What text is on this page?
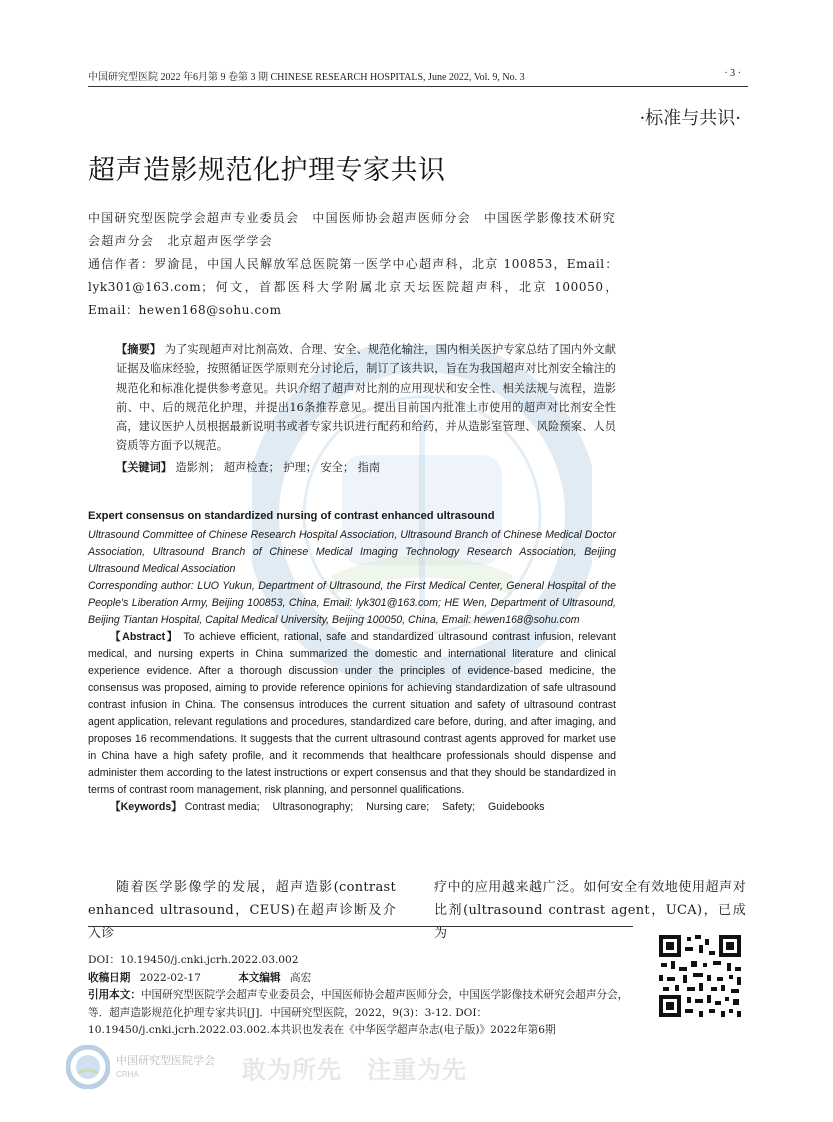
中国研究型医院 2022 年6月第 9 卷第 3 期 CHINESE RESEARCH HOSPITALS, June 2022, Vol. 9, No. 3	· 3 ·
·标准与共识·
超声造影规范化护理专家共识
中国研究型医院学会超声专业委员会　中国医师协会超声医师分会　中国医学影像技术研究会超声分会　北京超声医学学会
通信作者：罗渝昆，中国人民解放军总医院第一医学中心超声科，北京 100853，Email：lyk301@163.com；何文，首都医科大学附属北京天坛医院超声科，北京 100050，Email：hewen168@sohu.com
【摘要】 为了实现超声对比剂高效、合理、安全、规范化输注，国内相关医护专家总结了国内外文献证据及临床经验，按照循证医学原则充分讨论后，制订了该共识，旨在为我国超声对比剂安全输注的规范化和标准化提供参考意见。共识介绍了超声对比剂的应用现状和安全性、相关法规与流程，造影前、中、后的规范化护理，并提出16条推荐意见。提出目前国内批准上市使用的超声对比剂安全性高，建议医护人员根据最新说明书或者专家共识进行配药和给药，并从造影室管理、风险预案、人员资质等方面予以规范。
【关键词】 造影剂； 超声检查； 护理； 安全； 指南
Expert consensus on standardized nursing of contrast enhanced ultrasound
Ultrasound Committee of Chinese Research Hospital Association, Ultrasound Branch of Chinese Medical Doctor Association, Ultrasound Branch of Chinese Medical Imaging Technology Research Association, Beijing Ultrasound Medical Association
Corresponding author: LUO Yukun, Department of Ultrasound, the First Medical Center, General Hospital of the People's Liberation Army, Beijing 100853, China, Email: lyk301@163.com; HE Wen, Department of Ultrasound, Beijing Tiantan Hospital, Capital Medical University, Beijing 100050, China, Email: hewen168@sohu.com
【Abstract】 To achieve efficient, rational, safe and standardized ultrasound contrast infusion, relevant medical, and nursing experts in China summarized the domestic and international literature and clinical experience evidence. After a thorough discussion under the principles of evidence-based medicine, the consensus was proposed, aiming to provide reference opinions for achieving standardization of safe ultrasound contrast infusion in China. The consensus introduces the current situation and safety of ultrasound contrast agent application, relevant regulations and procedures, standardized care before, during, and after imaging, and proposes 16 recommendations. It suggests that the current ultrasound contrast agents approved for market use in China have a high safety profile, and it recommends that healthcare professionals should dispense and administer them according to the latest instructions or expert consensus and that they should be standardized in terms of contrast room management, risk planning, and personnel qualifications.
【Keywords】 Contrast media; Ultrasonography; Nursing care; Safety; Guidebooks
随着医学影像学的发展，超声造影(contrast enhanced ultrasound，CEUS)在超声诊断及介入诊
疗中的应用越来越广泛。如何安全有效地使用超声对比剂(ultrasound contrast agent，UCA)，已成为
DOI：10.19450/j.cnki.jcrh.2022.03.002
收稿日期 2022-02-17	本文编辑 高宏
引用本文：中国研究型医院学会超声专业委员会，中国医师协会超声医师分会，中国医学影像技术研究会超声分会，等．超声造影规范化护理专家共识[J]．中国研究型医院，2022，9(3)：3-12. DOI：10.19450/j.cnki.jcrh.2022.03.002.本共识也发表在《中华医学超声杂志(电子版)》2022年第6期
中国研究型医院学会
CRHA	敢为所先　注重为先
